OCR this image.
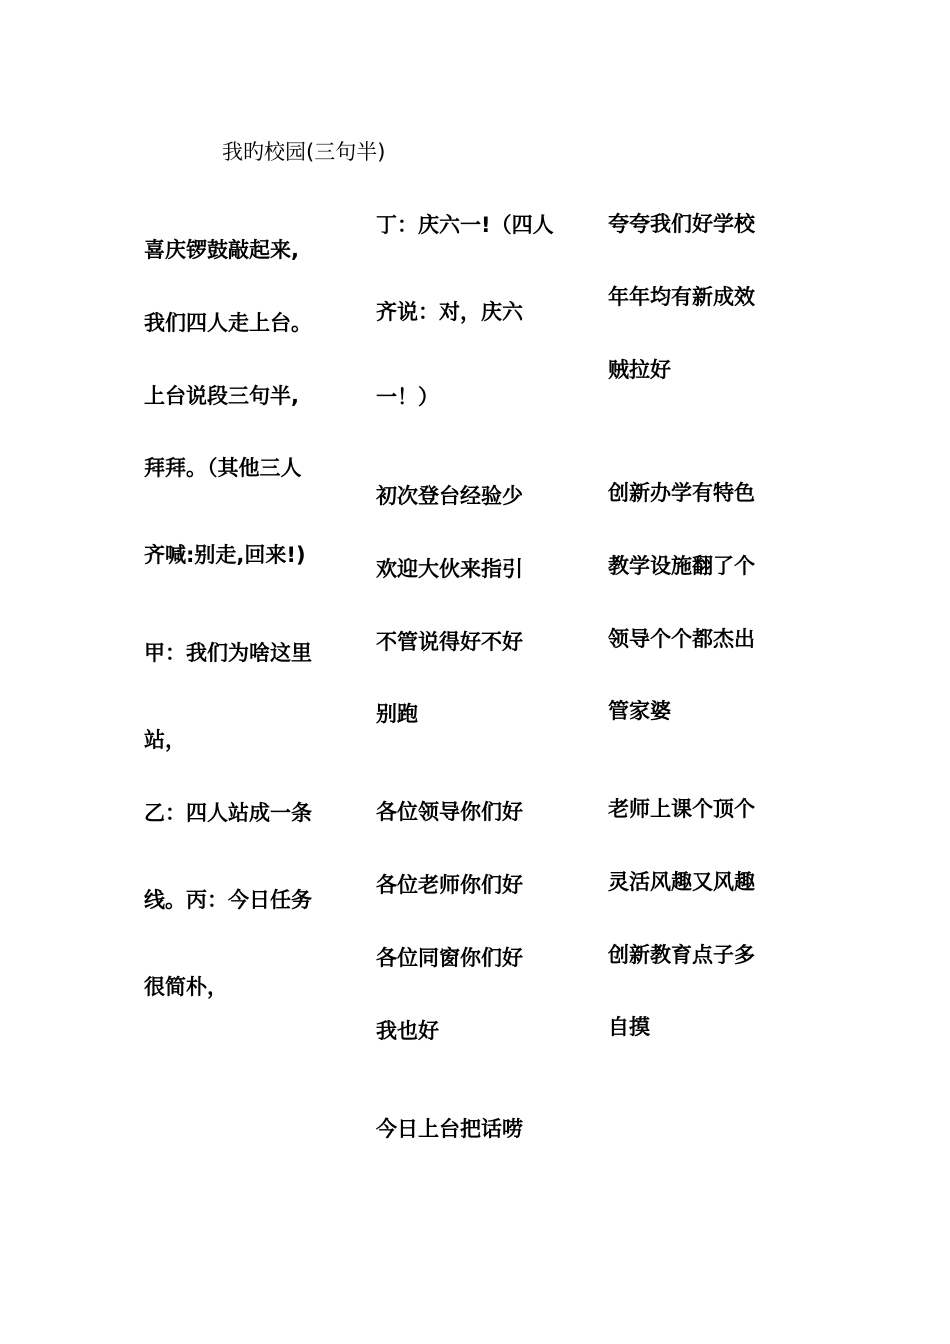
我旳校园(三句半)
喜庆锣鼓敲起来,
我们四人走上台。
上台说段三句半,
拜拜。（其他三人
齐喊:别走,回来!)
甲：我们为啥这里
站，
乙：四人站成一条
线。丙：今日任务
很简朴，
丁：庆六一!（四人
齐说：对，庆六
一！）
初次登台经验少
欢迎大伙来指引
不管说得好不好
别跑
各位领导你们好
各位老师你们好
各位同窗你们好
我也好
今日上台把话唠
夸夸我们好学校
年年均有新成效
贼拉好
创新办学有特色
教学设施翻了个
领导个个都杰出
管家婆
老师上课个顶个
灵活风趣又风趣
创新教育点子多
自摸
